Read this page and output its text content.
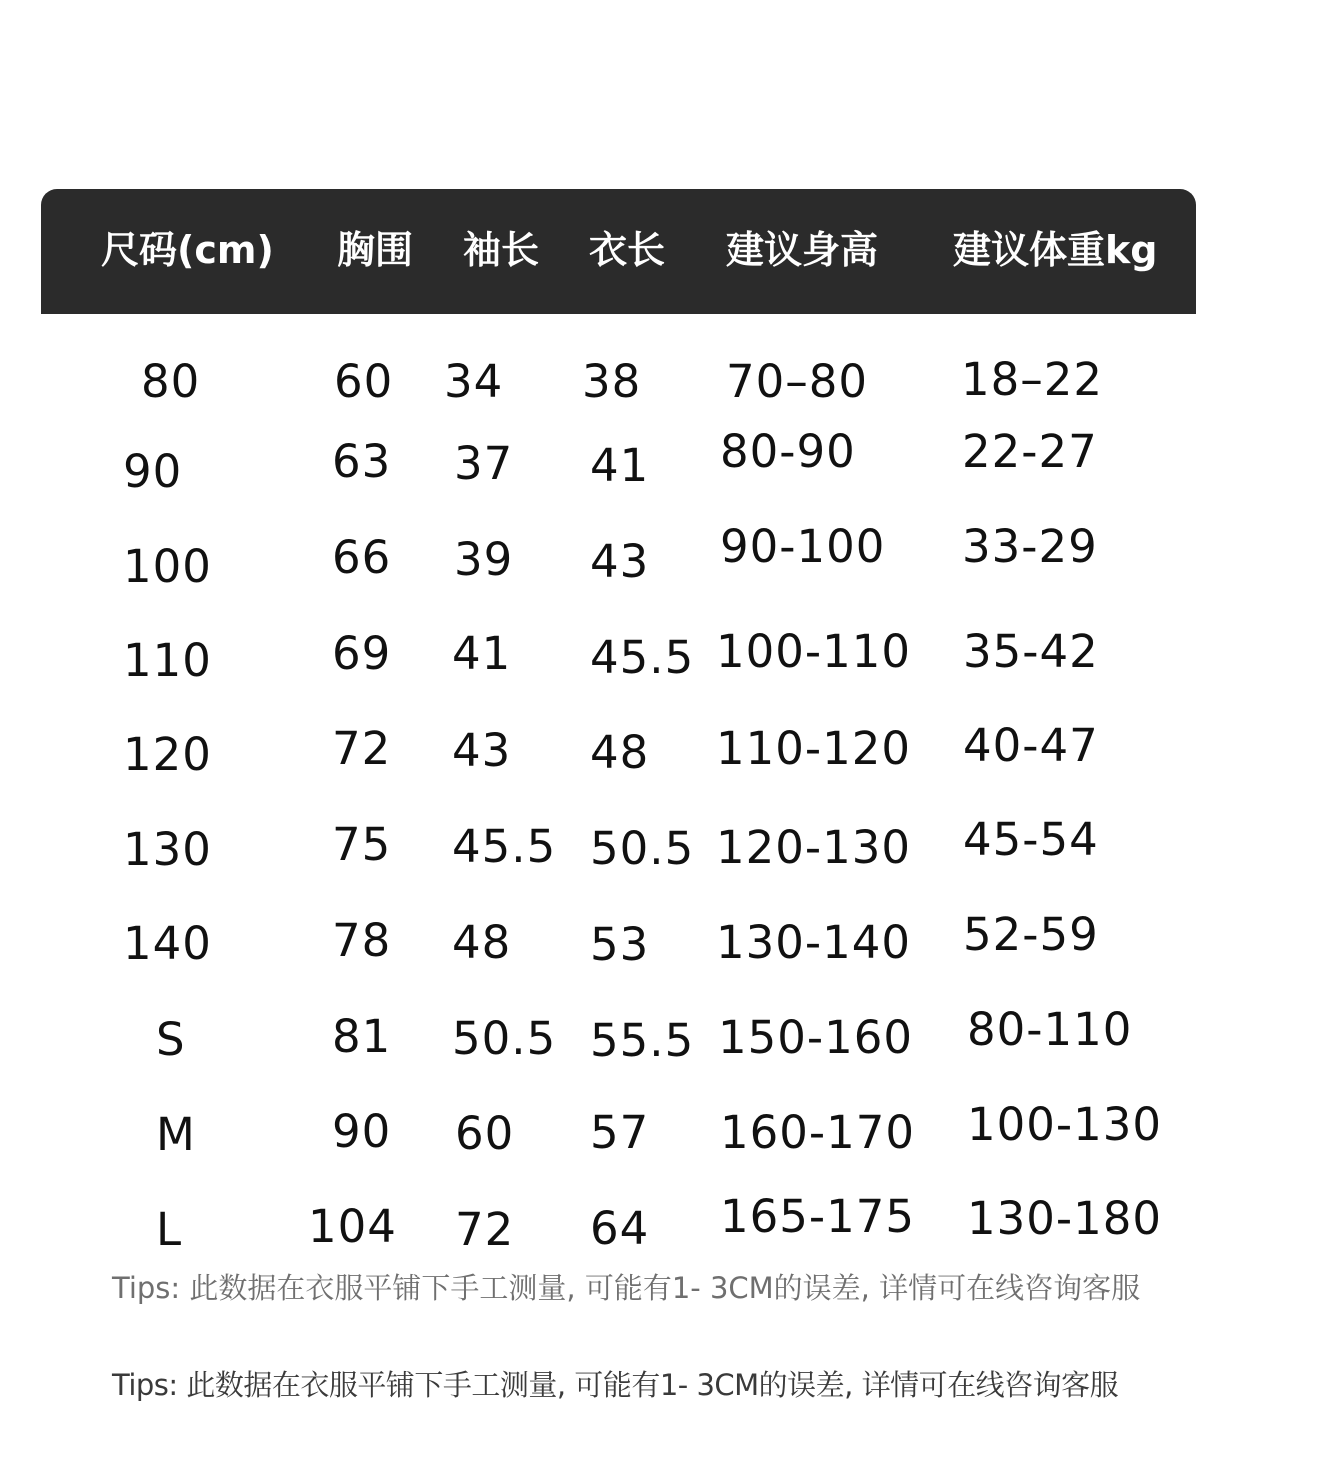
尺码(cm) 胸围 袖长 衣长 建议身高 建议体重kg
80	60 34 38 70–80 18–22
90	63 37 41 80-90 22-27
100	66 39 43 90-100 33-29
110	69 41 45.5 100-110 35-42
120	72 43 48 110-120 40-47
130	75 45.5 50.5 120-130 45-54
140	78 48 53 130-140 52-59
S	81 50.5 55.5 150-160 80-110
M	90 60 57 160-170 100-130
L	104 72 64 165-175 130-180
Tips: 此数据在衣服平铺下手工测量, 可能有1- 3CM的误差, 详情可在线咨询客服
Tips: 此数据在衣服平铺下手工测量, 可能有1- 3CM的误差, 详情可在线咨询客服
